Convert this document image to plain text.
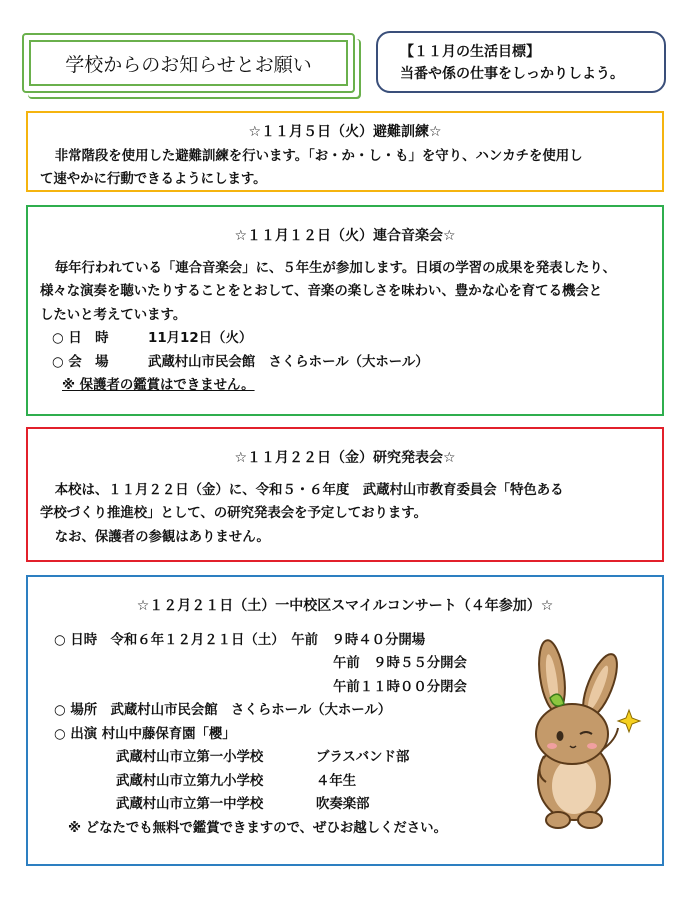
学校からのお知らせとお願い
【１１月の生活目標】
当番や係の仕事をしっかりしよう。
☆１１月５日（火）避難訓練☆
非常階段を使用した避難訓練を行います。「お・か・し・も」を守り、ハンカチを使用し
て速やかに行動できるようにします。
☆１１月１２日（火）連合音楽会☆
毎年行われている「連合音楽会」に、５年生が参加します。日頃の学習の成果を発表したり、
様々な演奏を聴いたりすることをとおして、音楽の楽しさを味わい、豊かな心を育てる機会と
したいと考えています。
○ 日　時	11月12日（火）
○ 会　場	武蔵村山市民会館　さくらホール（大ホール）
※ 保護者の鑑賞はできません。
☆１１月２２日（金）研究発表会☆
本校は、１１月２２日（金）に、令和５・６年度　武蔵村山市教育委員会「特色ある
学校づくり推進校」として、の研究発表会を予定しております。
なお、保護者の参観はありません。
☆１２月２１日（土）一中校区スマイルコンサート（４年参加）☆
○ 日時　令和６年１２月２１日（土）　午前　９時４０分開場
午前　９時５５分開会
午前１１時００分閉会
○ 場所　武蔵村山市民会館　さくらホール（大ホール）
○ 出演 村山中藤保育園「櫻」
武蔵村山市立第一小学校	ブラスバンド部
武蔵村山市立第九小学校	４年生
武蔵村山市立第一中学校	吹奏楽部
※ どなたでも無料で鑑賞できますので、ぜひお越しください。
